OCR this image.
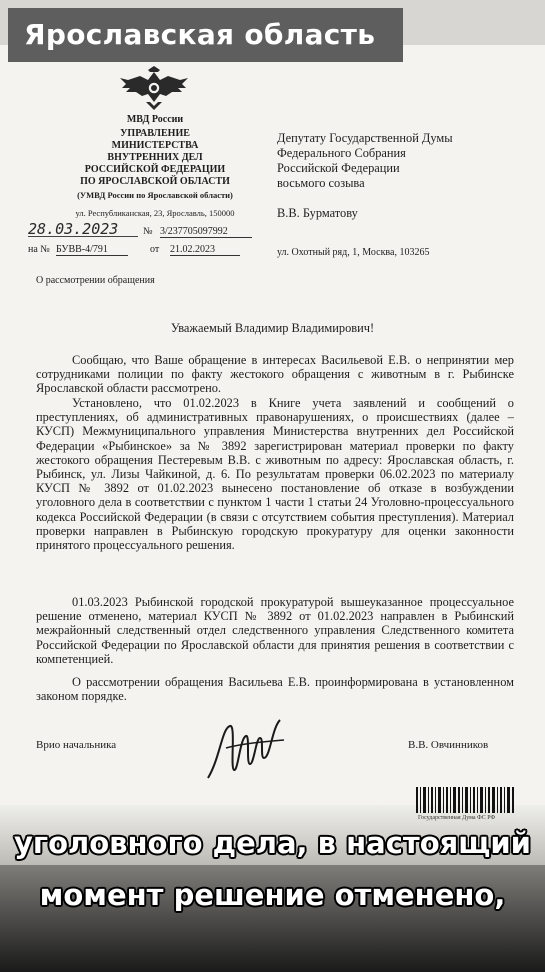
Ярославская область
МВД России
УПРАВЛЕНИЕ
МИНИСТЕРСТВА
ВНУТРЕННИХ ДЕЛ
РОССИЙСКОЙ ФЕДЕРАЦИИ
ПО ЯРОСЛАВСКОЙ ОБЛАСТИ
(УМВД России по Ярославской области)
ул. Республиканская, 23, Ярославль, 150000
28.03.2023 № 3/237705097992
на № БУВВ-4/791	от 21.02.2023
Депутату Государственной Думы
Федерального Собрания
Российской Федерации
восьмого созыва
В.В. Бурматову
ул. Охотный ряд, 1, Москва, 103265
О рассмотрении обращения
Уважаемый Владимир Владимирович!
Сообщаю, что Ваше обращение в интересах Васильевой Е.В. о непринятии мер сотрудниками полиции по факту жестокого обращения с животным в г. Рыбинске Ярославской области рассмотрено.
Установлено, что 01.02.2023 в Книге учета заявлений и сообщений о преступлениях, об административных правонарушениях, о происшествиях (далее – КУСП) Межмуниципального управления Министерства внутренних дел Российской Федерации «Рыбинское» за № 3892 зарегистрирован материал проверки по факту жестокого обращения Пестеревым В.В. с животным по адресу: Ярославская область, г. Рыбинск, ул. Лизы Чайкиной, д. 6. По результатам проверки 06.02.2023 по материалу КУСП № 3892 от 01.02.2023 вынесено постановление об отказе в возбуждении уголовного дела в соответствии с пунктом 1 части 1 статьи 24 Уголовно-процессуального кодекса Российской Федерации (в связи с отсутствием события преступления). Материал проверки направлен в Рыбинскую городскую прокуратуру для оценки законности принятого процессуального решения.
01.03.2023 Рыбинской городской прокуратурой вышеуказанное процессуальное решение отменено, материал КУСП № 3892 от 01.02.2023 направлен в Рыбинский межрайонный следственный отдел следственного управления Следственного комитета Российской Федерации по Ярославской области для принятия решения в соответствии с компетенцией.
О рассмотрении обращения Васильева Е.В. проинформирована в установленном законом порядке.
Врио начальника	В.В. Овчинников
Государственная Дума ФС РФ
уголовного дела, в настоящий
момент решение отменено,
